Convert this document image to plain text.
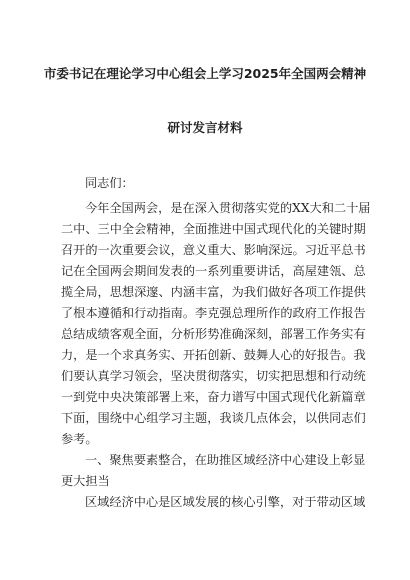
市委书记在理论学习中心组会上学习2025年全国两会精神
研讨发言材料
同志们：
今年全国两会，是在深入贯彻落实党的XX大和二十届
二中、三中全会精神，全面推进中国式现代化的关键时期
召开的一次重要会议，意义重大、影响深远。习近平总书
记在全国两会期间发表的一系列重要讲话，高屋建瓴、总
揽全局，思想深邃、内涵丰富，为我们做好各项工作提供
了根本遵循和行动指南。李克强总理所作的政府工作报告
总结成绩客观全面，分析形势准确深刻，部署工作务实有
力，是一个求真务实、开拓创新、鼓舞人心的好报告。我
们要认真学习领会，坚决贯彻落实，切实把思想和行动统
一到党中央决策部署上来，奋力谱写中国式现代化新篇章
下面，围绕中心组学习主题，我谈几点体会，以供同志们
参考。
一、聚焦要素整合，在助推区域经济中心建设上彰显
更大担当
区域经济中心是区域发展的核心引擎，对于带动区域
